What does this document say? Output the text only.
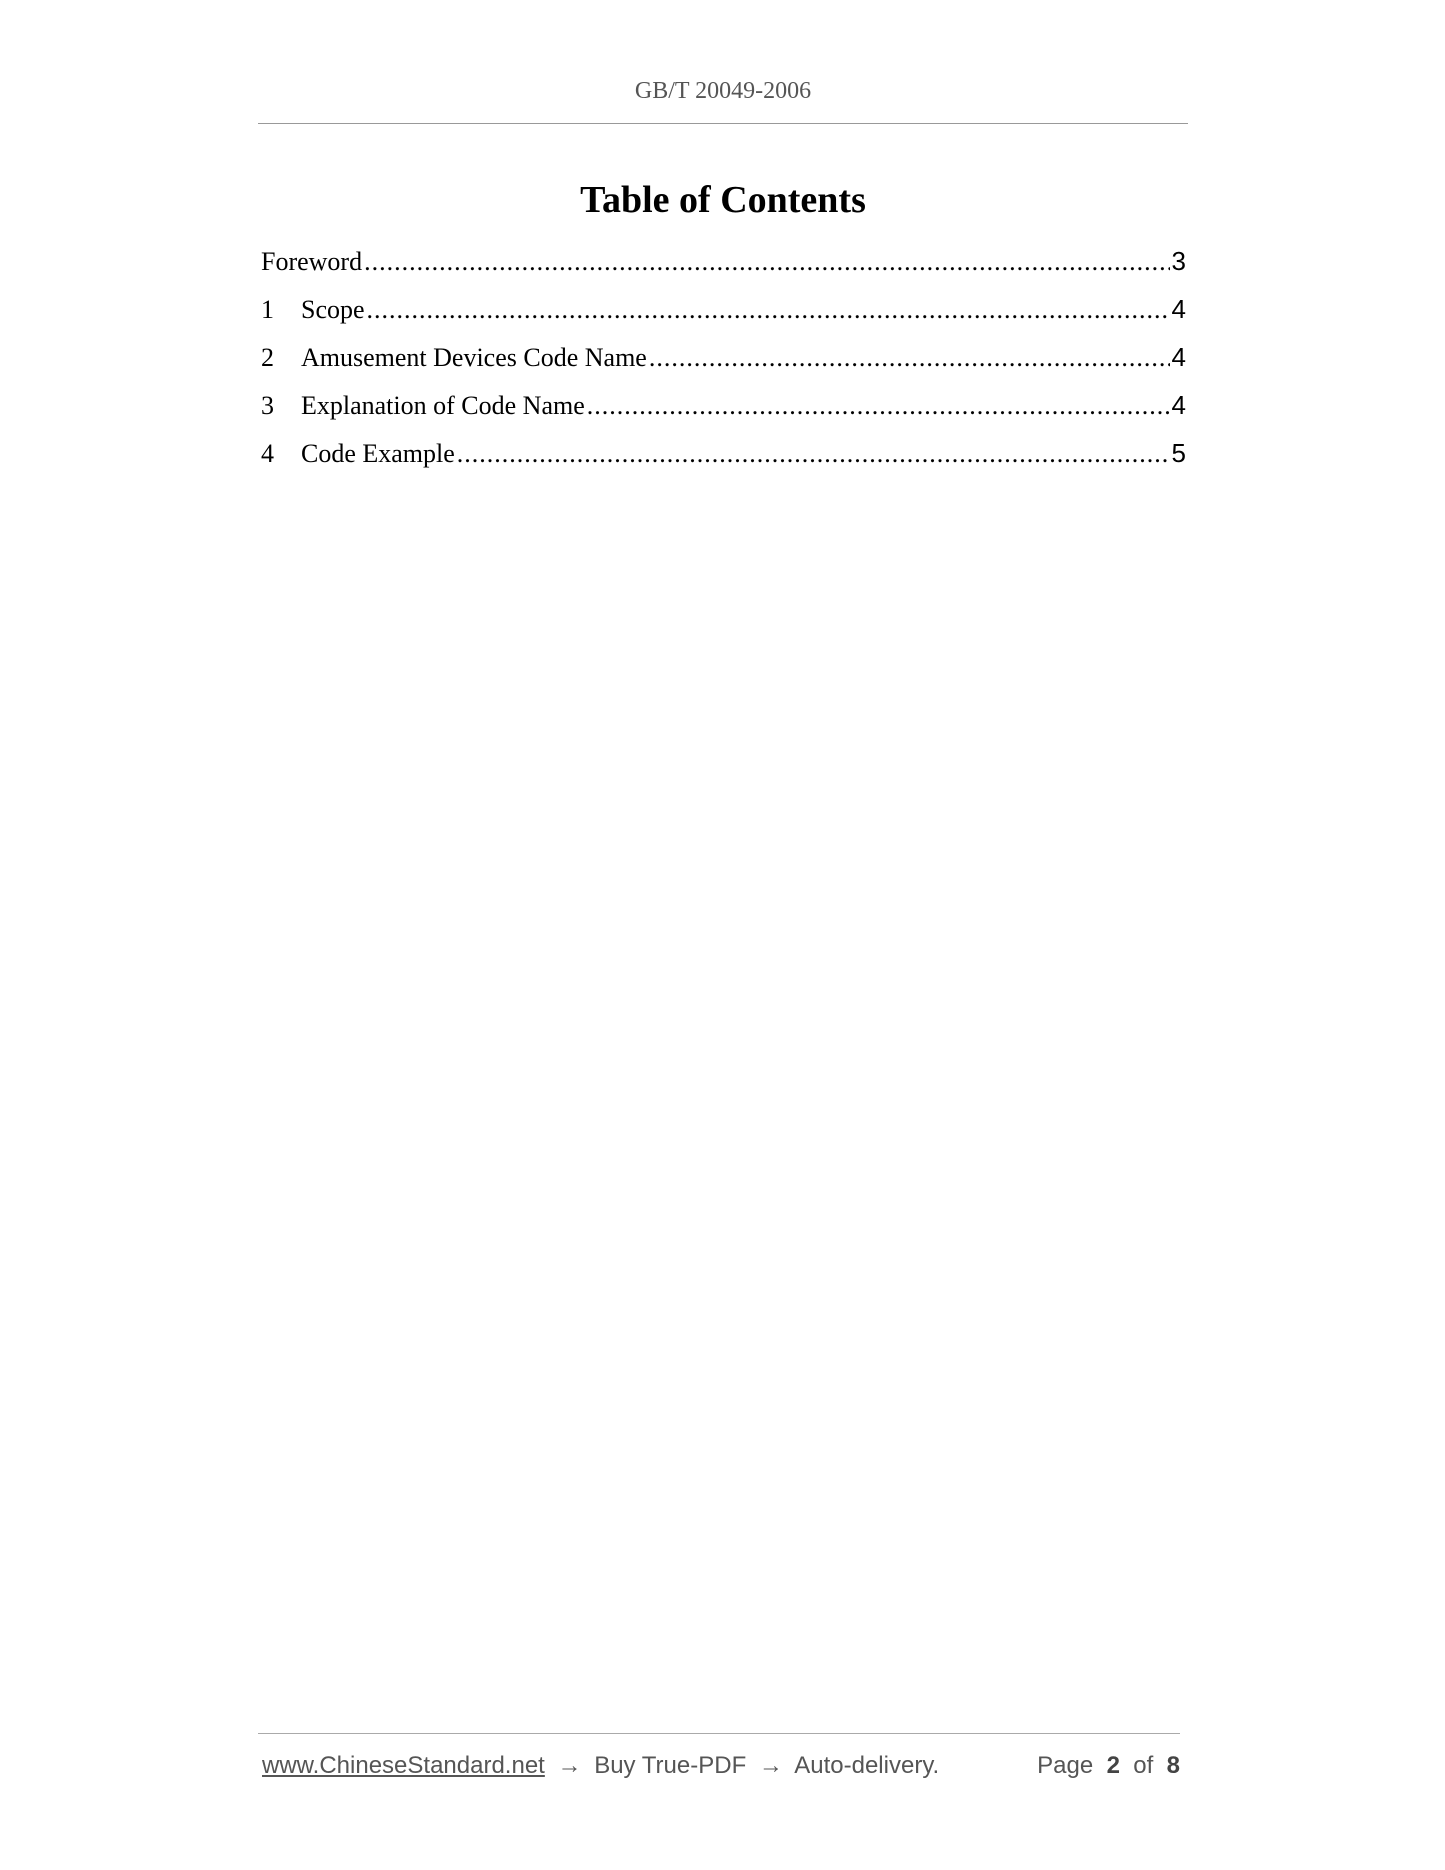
GB/T 20049-2006
Table of Contents
Foreword .....	3
1	Scope .....	4
2	Amusement Devices Code Name .....	4
3	Explanation of Code Name .....	4
4	Code Example .....	5
www.ChineseStandard.net → Buy True-PDF → Auto-delivery.	Page 2 of 8
